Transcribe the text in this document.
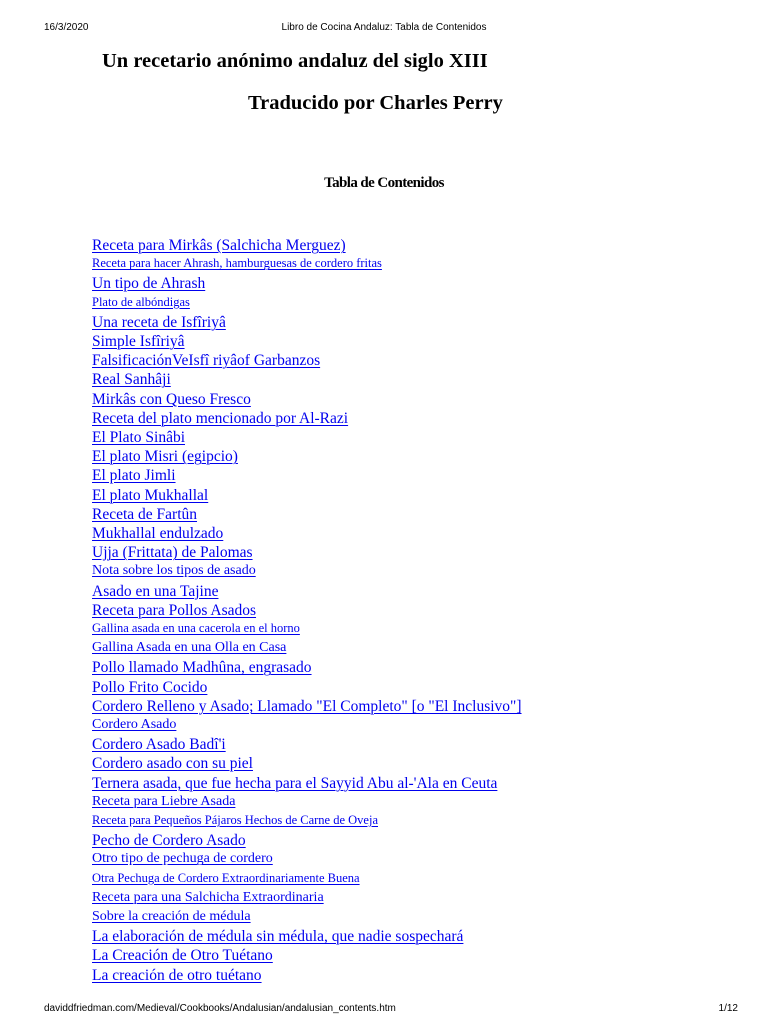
16/3/2020	Libro de Cocina Andaluz: Tabla de Contenidos
Un recetario anónimo andaluz del siglo XIII
Traducido por Charles Perry
Tabla de Contenidos
Receta para Mirkâs (Salchicha Merguez)
Receta para hacer Ahrash, hamburguesas de cordero fritas
Un tipo de Ahrash
Plato de albóndigas
Una receta de Isfîriyâ
Simple Isfîriyâ
FalsificaciónVeIsfî riyâof Garbanzos
Real Sanhâji
Mirkâs con Queso Fresco
Receta del plato mencionado por Al-Razi
El Plato Sinâbi
El plato Misri (egipcio)
El plato Jimli
El plato Mukhallal
Receta de Fartûn
Mukhallal endulzado
Ujja (Frittata) de Palomas
Nota sobre los tipos de asado
Asado en una Tajine
Receta para Pollos Asados
Gallina asada en una cacerola en el horno
Gallina Asada en una Olla en Casa
Pollo llamado Madhûna, engrasado
Pollo Frito Cocido
Cordero Relleno y Asado; Llamado "El Completo" [o "El Inclusivo"]
Cordero Asado
Cordero Asado Badî'i
Cordero asado con su piel
Ternera asada, que fue hecha para el Sayyid Abu al-'Ala en Ceuta
Receta para Liebre Asada
Receta para Pequeños Pájaros Hechos de Carne de Oveja
Pecho de Cordero Asado
Otro tipo de pechuga de cordero
Otra Pechuga de Cordero Extraordinariamente Buena
Receta para una Salchicha Extraordinaria
Sobre la creación de médula
La elaboración de médula sin médula, que nadie sospechará
La Creación de Otro Tuétano
La creación de otro tuétano
daviddfriedman.com/Medieval/Cookbooks/Andalusian/andalusian_contents.htm	1/12
